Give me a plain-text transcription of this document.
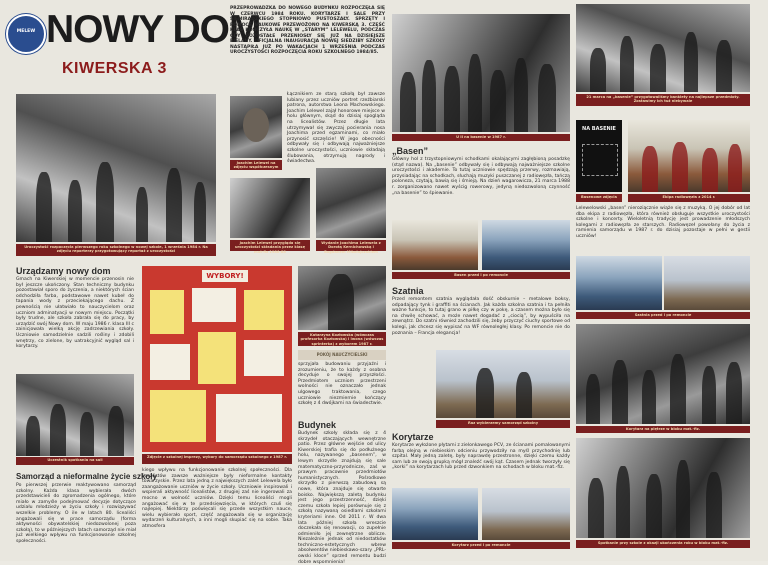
MELEW NOWY DOM
KIWERSKA 3
PRZEPROWADZKA DO NOWEGO BUDYNKU ROZPOCZĘŁA SIĘ W CZERWCU 1984 ROKU. KORYTARZE I SALE PRZY SIEMIRADZKIEGO STOPNIOWO PUSTOSZAŁY. SPRZĘTY I POMOCE NAUKOWE PRZEWOŻONO NA KIWERSKĄ 3. CZĘŚĆ KLAS KOŃCZYŁA NAUKĘ W „STARYM” LELEWELU, PODCZAS GDY POZOSTAŁE PRZENIOSŁY SIĘ JUŻ NA DZISIEJSZE BIELANY. OFICJALNA INAUGURACJA NOWEJ SIEDZIBY SZKOŁY NASTĄPIŁA JUŻ PO WAKACJACH 1 WRZEŚNIA PODCZAS UROCZYSTOŚCI ROZPOCZĘCIA ROKU SZKOLNEGO 1984/85.
Łącznikiem ze starą szkołą był zawsze lubiany przez uczniów portret rzeźbiarski patrona, autorstwa Leona Machowskiego. Joachim Lelewel zajął honorowe miejsce w holu głównym, skąd do dzisiaj spogląda na licealistów. Przez długie lata utrzymywał się zwyczaj pocierania nosa Joachima przed egzaminami, co miało przynosić szczęście! W jego obecności odbywały się i odbywają najważniejsze szkolne uroczystości, uczniowie składają ślubowania, otrzymują nagrody i świadectwa.
Uroczystość rozpoczęcia pierwszego roku szkolnego w nowej szkole, 1 września 1984 r. Na zdjęciu reporterzy przygotowujący reportaż z uroczystości
Joachim Lelewel na zdjęciu współczesnym
Joachim Lelewel przygląda się uroczystości składania przez klasę mat-fiz 1986-88
Wydanie Joachima Lelewela z Dorotą Kernichowską i Bogdanem Mikołajczakiem
Urządzamy nowy dom
Gmach na Kiwerskiej w momencie przenosin nie był jeszcze ukończony. Stan techniczny budynku pozostawiał sporo do życzenia, a niektórych ścian odchodziła farba, podstawowe nawet kubeł do tapania wody z przeciekającego dachu. Z pewnością nie ułatwiało to nauczycielom oraz uczniom adminatyacji w nowym miejscu. Początki były trudne, ale szkoła zabrała się do pracy, by urządzić swój Nowy dom. W maju 1986 r. klasa III c zainicjowała wielką akcję zadrzewiania szkoły. Uczniowie samodzielnie sadzili rośliny i zdobili wnętrzy, co zielone, by uatrakcyjnić wygląd sal i korytarzy.
Uczestnik spotkania na sali
Samorząd a nieformalne życie szkoły
Po pierwszej przerwie reaktywowano samorząd szkolny. Każda klasa wybierała dwóch przedstawicieli do zgromadzenia ogólnego, które miało w zamyśle podejmować decyzje dotyczące udziału młodzieży w życiu szkoły i rozwiązywać wszelkie problemy. O ile w latach 80. licealiści angażowali się w prace samorządu (forma aktywności obywatelskiej niedozwolonej poza szkołą), to w późniejszych latach samorząd nie miał już wielkiego wpływu na funkcjonowanie szkolnej społeczności.
WYBORY!
Zdjęcie z szkolnej imprezy, wybory do samorządu szkolnego z 1987 r.
kiego wpływu na funkcjonowanie szkolnej społeczności. Dla licealistów zawsze ważniejsze były nieformalne kontakty towarzyskie. Przez lata jedną z największych zalet Lelewela było zaangażowanie uczniów w życie szkoły. Uczniowie inspirowali i wspierali aktywność licealistów, z drugiej zaś nie ingerowali za mocno w wolność uczniów. Dzięki temu licealiści mogli angażować się w te przedsięwzięcia, w których czuli się najlepiej. Niektórzy poświęcali się przede wszystkim nauce, wielu wybierało sport, część angażowała się w organizację wydarzeń kulturalnych, a inni mogli skupiać się na sobie. Taka atmosfera
Katarzyna Kozłowska (wówczas profesorka Kozłowska) i Iwona (wówczas sprinterka) z wyborem 1987 r.
POKÓJ NAUCZYCIELSKI
sprzyjała budowaniu przyjaźni i zrozumieniu, że to każdy z osobna decyduje o swojej przyszłości. Przedmiotem uczniom przestrzeni wolności nie oznaczało jednak ulgowego traktowania, czego uczniowie niezmiernie kończący szkołę z 4 dwójkami na świadectwie.
Budynek
Budynek szkoły składa się z 4 skrzydeł otaczających wewnętrzne patio. Przez główne wejście od ulicy Kiwerskiej trafia się do podłużnego holu, nazywanego „basenem”, w lewym skrzydle znajdują się sale matematyczno-przyrodnicze, zaś w prawym pracownie przedmiotów humanistycznych. Pośrodkowe skrzydło z pierwszą zabudową są nowe, która znajduje się otwarte boisko. Największą zaletą budynku jest jego przestrzenność, dzięki czemu szkoła lepiej porównuje się z szkołą nazywaną osiedlami szkołami kryteriami inne. Od 2011 r. W dwa lata później szkoła wreszcie doczekała się renowacji, co zupełnie odmieniło jej zewnętrzne oblicze. Niezależnie jednak od niedostatków techniczno-estetycznych wbrew absolwentów niebieskawo-szary „PRL-owski kloce” sprzed remontu budzi dobre wspomnienia!
U II na basenie w 1987 r.
„Basen”
Główny hol z trzystopniowymi schodkami okalającymi zagłębioną posadzkę (stąd nazwa). Na „basenie” odbywały się i odbywają najważniejsze szkolne uroczystości i akademie. To tutaj uczniowie spędzają przerwy, rozmawiają, przysiadając na schodkach, słuchają muzyki puszczanej z radiowęzła, tańczą poloneza, czytają, bawią się i śmieją. Na dzień wagarowicza, 21 marca 1988 r. zorganizowano nawet wyścig rowerowy, jedyną niedozwoloną czynność „na basenie” to śpiewanie.
Basen przed i po remoncie
Szatnia
Przed remontem szatnia wyglądała dość obskurnie – metalowe boksy, odpadający tynk i graffiti na ścianach. Jak każda szkolna szatnia i ta pełniła ważne funkcje, to tutaj grano w piłkę czy w pokę, a czasem można było się na chwilę schować, a może nawet dogadać z „ciocią”, by wypuściła na zewnątrz. Do szatni również zachodzili się, żeby przyczyć ciuchy sportowe od kolegi, jak chcesz się wypisać na WF równoległej klasy. Po remoncie nie do poznania – Francja elegancja!
Raz wybierzemy samorząd szkolny
Korytarze
Korytarze wyłożone płytami z zielonkawego PCV, ze ścianami pomalowanymi farbą olejną w niebieskim odcieniu przywodziły na myśl przychodnię lub szpital. Mały jedną zaletę, były naprawdę przestronne, dzięki czemu każdy sam lub ze swoją grupką mógł znaleźć swój kąt. Czasem jednak tworzyły się „korki” na korytarzach lub przed dzwonkiem na schodach w bloku mat.-fiz.
Korytarz przed i po remoncie
21 marca na „basenie” przygotowaliśmy bankiety na najlepsze przedmioty. Zostawimy ich tuż niebywale
NA BASENIE
Basenowe zdjęcia	Ekipa radiowęzła z 2014 r.
Lelewelowski „basen” nieroziącznie wiąże się z muzyką. O jej dobór od lat dba ekipa z radiowęzła, która również obsługuje wszystkie uroczystości szkolne i koncerty. Wieloletnią tradycję jest prowadzenie młodszych kolegami z radiowęzła ze starszych. Radiowęzeł powołany do życia z ramienia samorządu w 1987 r. do dzisiaj pozostaje w pełni w gestii uczniów!
Szatnia przed i po remoncie
Korytarz na piętrze w bloku mat.-fiz.
Spotkanie przy szkole z okazji ukończenia roku w bloku mat.-fiz.
